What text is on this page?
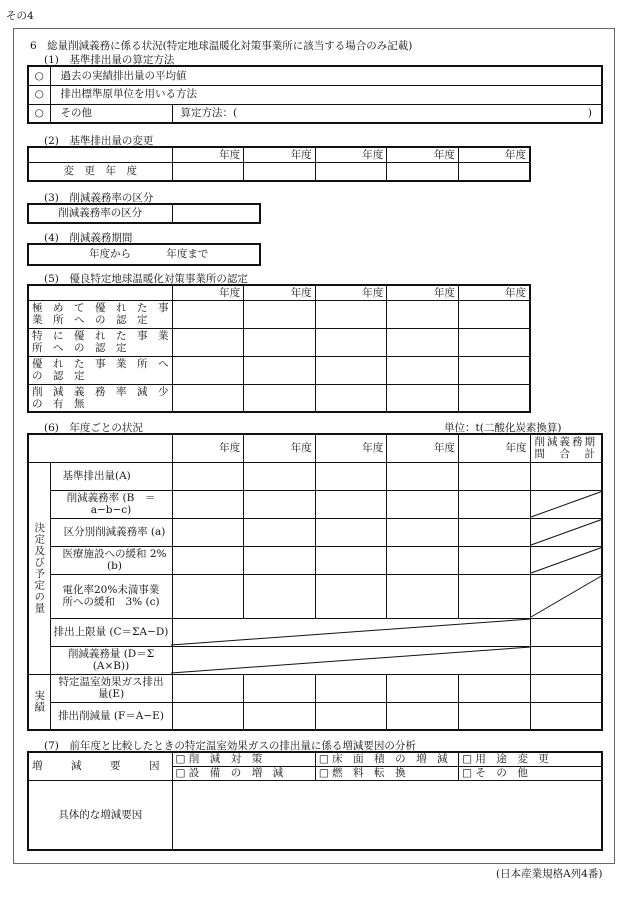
その4
6　総量削減義務に係る状況(特定地球温暖化対策事業所に該当する場合のみ記載)
(1)　基準排出量の算定方法
○	過去の実績排出量の平均値	
○	排出標準原単位を用いる方法	
○	その他	算定方法：( )
(2)　基準排出量の変更
	年度	年度	年度	年度	年度
変　更　年　度					
(3)　削減義務率の区分
削減義務率の区分	
(4)　削減義務期間
年度から	年度まで
(5)　優良特定地球温暖化対策事業所の認定
	年度	年度	年度	年度	年度
極　め　て　優　れ　た　事　業　所　へ　の　認　定					
特　に　優　れ　た　事　業　所　へ　の　認　定					
優　れ　た　事　業　所　へ　の　認　定					
削　減　義　務　率　減　少　の　有　無					
(6)　年度ごとの状況	単位：t(二酸化炭素換算)
		年度	年度	年度	年度	年度	削減義務期間合計
決定及び予定の量	基準排出量(A)						
	削減義務率 (B　＝　a−b−c)						
	区分別削減義務率 (a)						
	医療施設への緩和 2%(b)						
	電化率20%未満事業所への緩和　3% (c)						
	排出上限量 (C＝ΣA−D)						
	削減義務量 (D＝Σ　(A×B))						
実績	特定温室効果ガス排出量(E)						
	排出削減量 (F＝A−E)						
(7)　前年度と比較したときの特定温室効果ガスの排出量に係る増減要因の分析
増　減　要　因	□ 削　減　対　策	□ 床　面　積　の　増　減	□ 用　途　変　更
	□ 設　備　の　増　減	□ 燃　料　転　換	□ そ　の　他
具体的な増減要因			
(日本産業規格A列4番)
